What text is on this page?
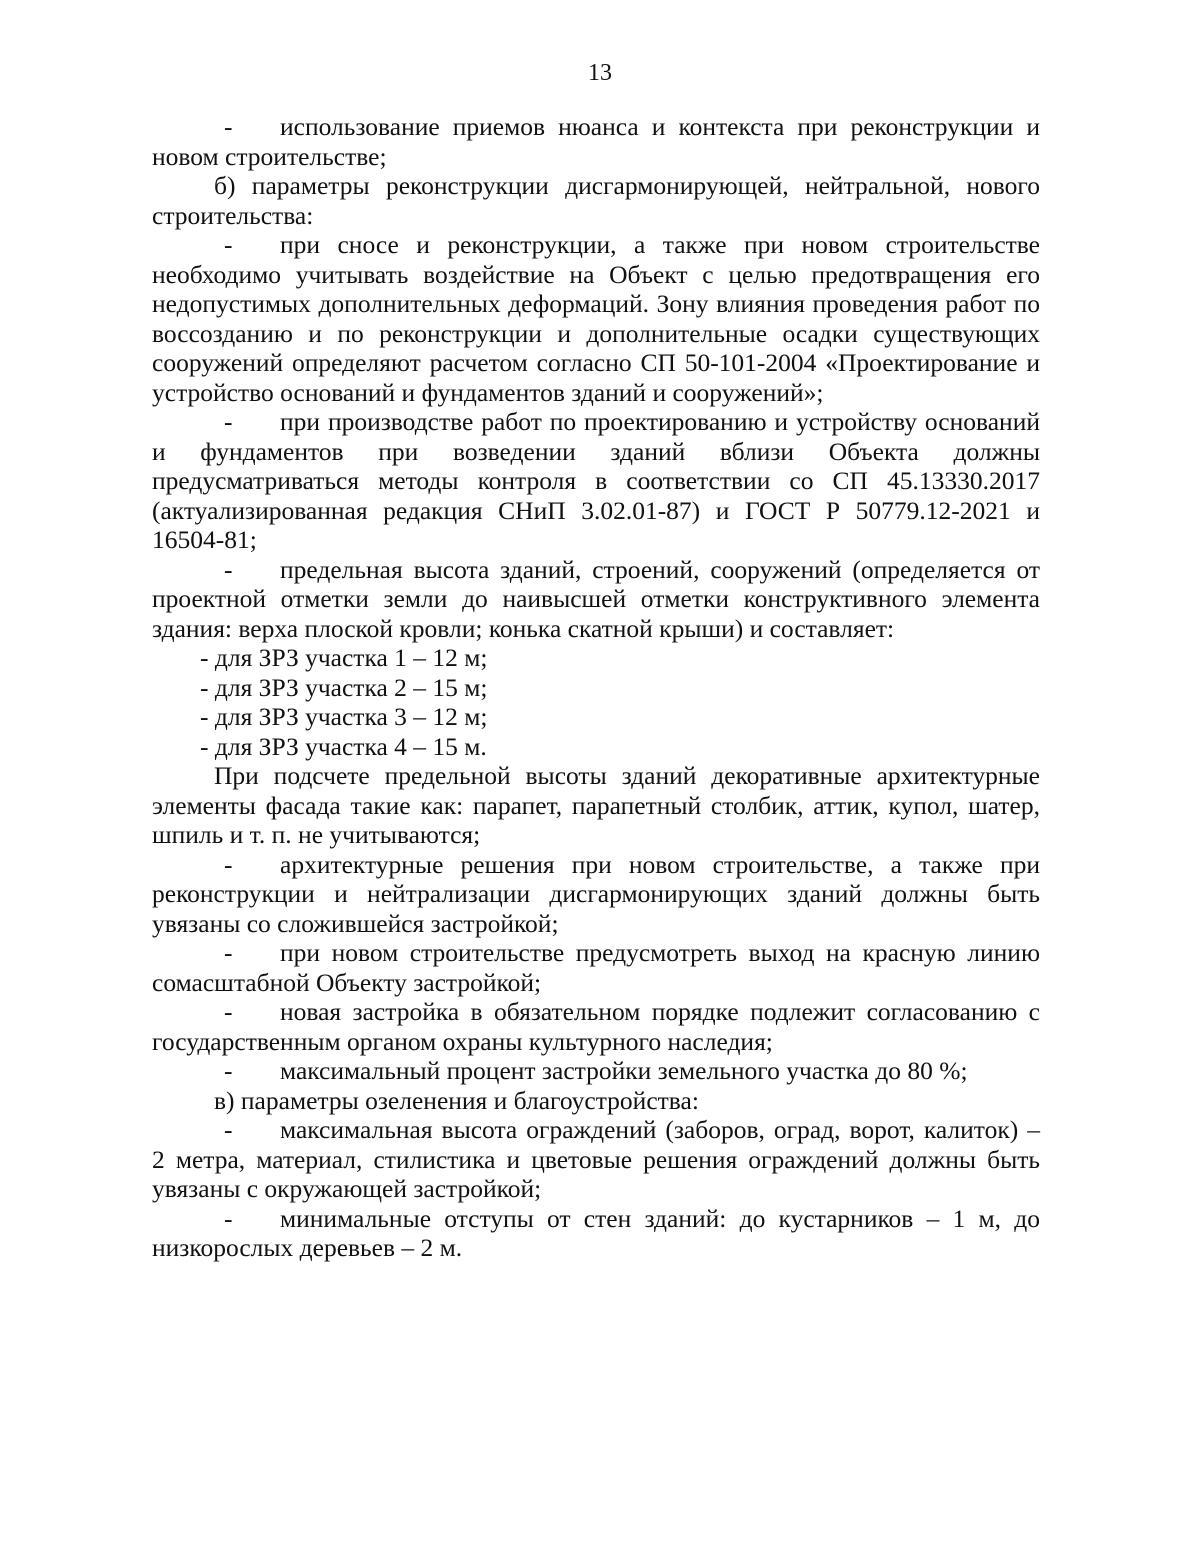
13

- использование приемов нюанса и контекста при реконструкции и новом строительстве;

б) параметры реконструкции дисгармонирующей, нейтральной, нового строительства:

- при сносе и реконструкции, а также при новом строительстве необходимо учитывать воздействие на Объект с целью предотвращения его недопустимых дополнительных деформаций. Зону влияния проведения работ по воссозданию и по реконструкции и дополнительные осадки существующих сооружений определяют расчетом согласно СП 50-101-2004 «Проектирование и устройство оснований и фундаментов зданий и сооружений»;

- при производстве работ по проектированию и устройству оснований и фундаментов при возведении зданий вблизи Объекта должны предусматриваться методы контроля в соответствии со СП 45.13330.2017 (актуализированная редакция СНиП 3.02.01-87) и ГОСТ Р 50779.12-2021 и 16504-81;

- предельная высота зданий, строений, сооружений (определяется от проектной отметки земли до наивысшей отметки конструктивного элемента здания: верха плоской кровли; конька скатной крыши) и составляет:

- для ЗРЗ участка 1 – 12 м;

- для ЗРЗ участка 2 – 15 м;

- для ЗРЗ участка 3 – 12 м;

- для ЗРЗ участка 4 – 15 м.

При подсчете предельной высоты зданий декоративные архитектурные элементы фасада такие как: парапет, парапетный столбик, аттик, купол, шатер, шпиль и т. п. не учитываются;

- архитектурные решения при новом строительстве, а также при реконструкции и нейтрализации дисгармонирующих зданий должны быть увязаны со сложившейся застройкой;

- при новом строительстве предусмотреть выход на красную линию сомасштабной Объекту застройкой;

- новая застройка в обязательном порядке подлежит согласованию с государственным органом охраны культурного наследия;

- максимальный процент застройки земельного участка до 80 %;

в) параметры озеленения и благоустройства:

- максимальная высота ограждений (заборов, оград, ворот, калиток) – 2 метра, материал, стилистика и цветовые решения ограждений должны быть увязаны с окружающей застройкой;

- минимальные отступы от стен зданий: до кустарников – 1 м, до низкорослых деревьев – 2 м.
